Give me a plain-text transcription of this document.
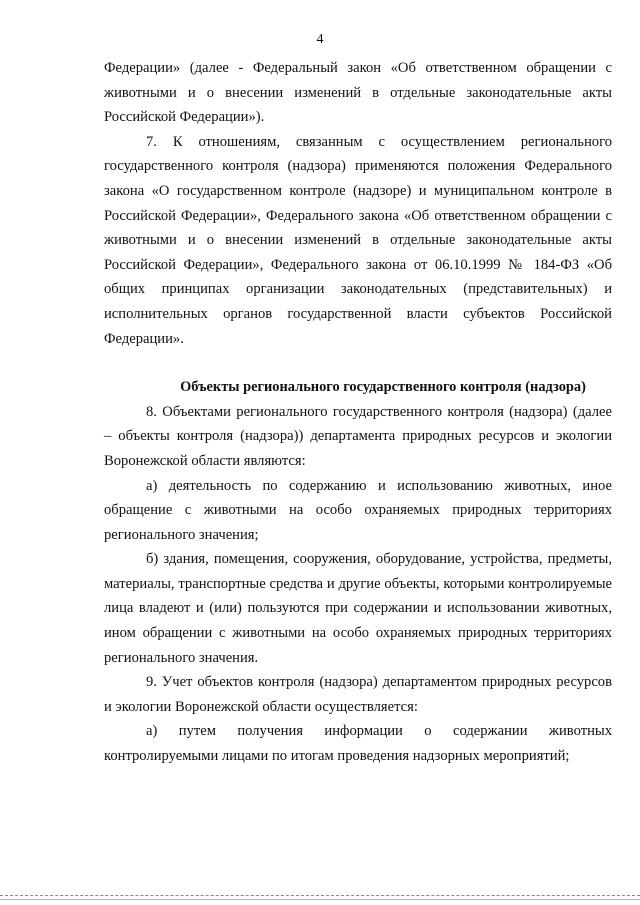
4

Федерации» (далее - Федеральный закон «Об ответственном обращении с животными и о внесении изменений в отдельные законодательные акты Российской Федерации»).

7. К отношениям, связанным с осуществлением регионального государственного контроля (надзора) применяются положения Федерального закона «О государственном контроле (надзоре) и муниципальном контроле в Российской Федерации», Федерального закона «Об ответственном обращении с животными и о внесении изменений в отдельные законодательные акты Российской Федерации», Федерального закона от 06.10.1999 № 184-ФЗ «Об общих принципах организации законодательных (представительных) и исполнительных органов государственной власти субъектов Российской Федерации».

Объекты регионального государственного контроля (надзора)

8. Объектами регионального государственного контроля (надзора) (далее – объекты контроля (надзора)) департамента природных ресурсов и экологии Воронежской области являются:

а) деятельность по содержанию и использованию животных, иное обращение с животными на особо охраняемых природных территориях регионального значения;

б) здания, помещения, сооружения, оборудование, устройства, предметы, материалы, транспортные средства и другие объекты, которыми контролируемые лица владеют и (или) пользуются при содержании и использовании животных, ином обращении с животными на особо охраняемых природных территориях регионального значения.

9. Учет объектов контроля (надзора) департаментом природных ресурсов и экологии Воронежской области осуществляется:

а) путем получения информации о содержании животных контролируемыми лицами по итогам проведения надзорных мероприятий;
